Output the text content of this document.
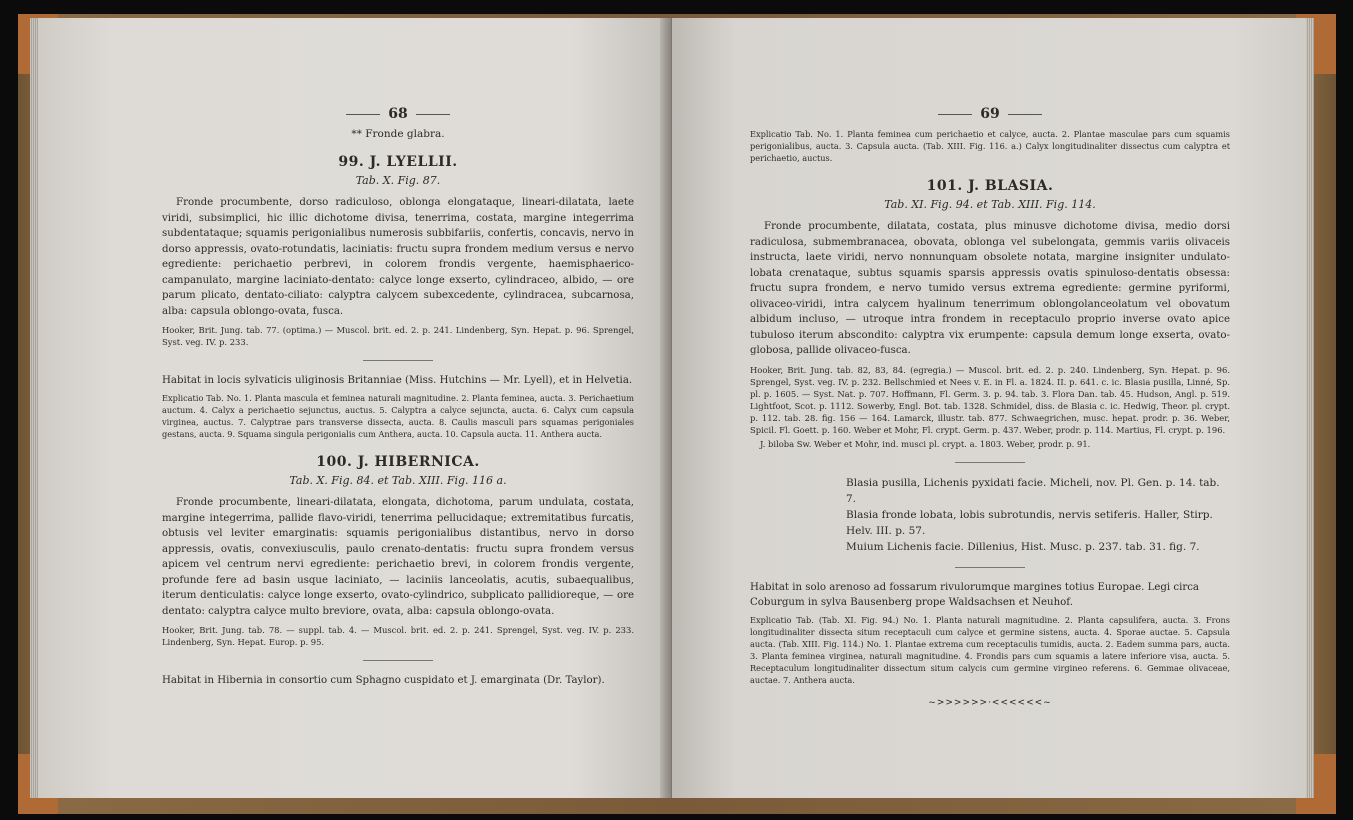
68
** Fronde glabra.
99. J. LYELLII.
Tab. X. Fig. 87.

Fronde procumbente, dorso radiculoso, oblonga elongataque, lineari-dilatata, laete viridi, subsimplici, hic illic dichotome divisa, tenerrima, costata, margine integerrima subdentataque; squamis perigonialibus numerosis subbifariis, confertis, concavis, nervo in dorso appressis, ovato-rotundatis, laciniatis: fructu supra frondem medium versus e nervo egrediente: perichaetio perbrevi, in colorem frondis vergente, haemisphaerico-campanulato, margine laciniato-dentato: calyce longe exserto, cylindraceo, albido, — ore parum plicato, dentato-ciliato: calyptra calycem subexcedente, cylindracea, subcarnosa, alba: capsula oblongo-ovata, fusca.

Hooker, Brit. Jung. tab. 77. (optima.) — Muscol. brit. ed. 2. p. 241. Lindenberg, Syn. Hepat. p. 96. Sprengel, Syst. veg. IV. p. 233.

Habitat in locis sylvaticis uliginosis Britanniae (Miss. Hutchins — Mr. Lyell), et in Helvetia.

Explicatio Tab. No. 1. Planta mascula et feminea naturali magnitudine. 2. Planta feminea, aucta. 3. Perichaetium auctum. 4. Calyx a perichaetio sejunctus, auctus. 5. Calyptra a calyce sejuncta, aucta. 6. Calyx cum capsula virginea, auctus. 7. Calyptrae pars transverse dissecta, aucta. 8. Caulis masculi pars squamas perigoniales gestans, aucta. 9. Squama singula perigonialis cum Anthera, aucta. 10. Capsula aucta. 11. Anthera aucta.

100. J. HIBERNICA.
Tab. X. Fig. 84. et Tab. XIII. Fig. 116 a.

Fronde procumbente, lineari-dilatata, elongata, dichotoma, parum undulata, costata, margine integerrima, pallide flavo-viridi, tenerrima pellucidaque; extremitatibus furcatis, obtusis vel leviter emarginatis: squamis perigonialibus distantibus, nervo in dorso appressis, ovatis, convexiusculis, paulo crenato-dentatis: fructu supra frondem versus apicem vel centrum nervi egrediente: perichaetio brevi, in colorem frondis vergente, profunde fere ad basin usque laciniato, — laciniis lanceolatis, acutis, subaequalibus, iterum denticulatis: calyce longe exserto, ovato-cylindrico, subplicato pallidioreque, — ore dentato: calyptra calyce multo breviore, ovata, alba: capsula oblongo-ovata.

Hooker, Brit. Jung. tab. 78. — suppl. tab. 4. — Muscol. brit. ed. 2. p. 241. Sprengel, Syst. veg. IV. p. 233. Lindenberg, Syn. Hepat. Europ. p. 95.

Habitat in Hibernia in consortio cum Sphagno cuspidato et J. emarginata (Dr. Taylor).

69

Explicatio Tab. No. 1. Planta feminea cum perichaetio et calyce, aucta. 2. Plantae masculae pars cum squamis perigonialibus, aucta. 3. Capsula aucta. (Tab. XIII. Fig. 116. a.) Calyx longitudinaliter dissectus cum calyptra et perichaetio, auctus.

101. J. BLASIA.
Tab. XI. Fig. 94. et Tab. XIII. Fig. 114.

Fronde procumbente, dilatata, costata, plus minusve dichotome divisa, medio dorsi radiculosa, submembranacea, obovata, oblonga vel subelongata, gemmis variis olivaceis instructa, laete viridi, nervo nonnunquam obsolete notata, margine insigniter undulato-lobata crenataque, subtus squamis sparsis appressis ovatis spinuloso-dentatis obsessa: fructu supra frondem, e nervo tumido versus extrema egrediente: germine pyriformi, olivaceo-viridi, intra calycem hyalinum tenerrimum oblongolanceolatum vel obovatum albidum incluso, — utroque intra frondem in receptaculo proprio inverse ovato apice tubuloso iterum abscondito: calyptra vix erumpente: capsula demum longe exserta, ovato-globosa, pallide olivaceo-fusca.

Hooker, Brit. Jung. tab. 82, 83, 84. (egregia.) — Muscol. brit. ed. 2. p. 240. Lindenberg, Syn. Hepat. p. 96. Sprengel, Syst. veg. IV. p. 232. Bellschmied et Nees v. E. in Fl. a. 1824. II. p. 641. c. ic. Blasia pusilla, Linné, Sp. pl. p. 1605. — Syst. Nat. p. 707. Hoffmann, Fl. Germ. 3. p. 94. tab. 3. Flora Dan. tab. 45. Hudson, Angl. p. 519. Lightfoot, Scot. p. 1112. Sowerby, Engl. Bot. tab. 1328. Schmidel, diss. de Blasia c. ic. Hedwig, Theor. pl. crypt. p. 112. tab. 28. fig. 156 — 164. Lamarck, illustr. tab. 877. Schwaegrichen, musc. hepat. prodr. p. 36. Weber, Spicil. Fl. Goett. p. 160. Weber et Mohr, Fl. crypt. Germ. p. 437. Weber, prodr. p. 114. Martius, Fl. crypt. p. 196.

J. biloba Sw. Weber et Mohr, ind. musci pl. crypt. a. 1803. Weber, prodr. p. 91.

Blasia pusilla, Lichenis pyxidati facie. Micheli, nov. Pl. Gen. p. 14. tab. 7.
Blasia fronde lobata, lobis subrotundis, nervis setiferis. Haller, Stirp. Helv. III. p. 57.
Muium Lichenis facie. Dillenius, Hist. Musc. p. 237. tab. 31. fig. 7.

Habitat in solo arenoso ad fossarum rivulorumque margines totius Europae. Legi circa Coburgum in sylva Bausenberg prope Waldsachsen et Neuhof.

Explicatio Tab. (Tab. XI. Fig. 94.) No. 1. Planta naturali magnitudine. 2. Planta capsulifera, aucta. 3. Frons longitudinaliter dissecta situm receptaculi cum calyce et germine sistens, aucta. 4. Sporae auctae. 5. Capsula aucta. (Tab. XIII. Fig. 114.) No. 1. Plantae extrema cum receptaculis tumidis, aucta. 2. Eadem summa pars, aucta. 3. Planta feminea virginea, naturali magnitudine. 4. Frondis pars cum squamis a latere inferiore visa, aucta. 5. Receptaculum longitudinaliter dissectum situm calycis cum germine virgineo referens. 6. Gemmae olivaceae, auctae. 7. Anthera aucta.

~>>>>>>·<<<<<<~
